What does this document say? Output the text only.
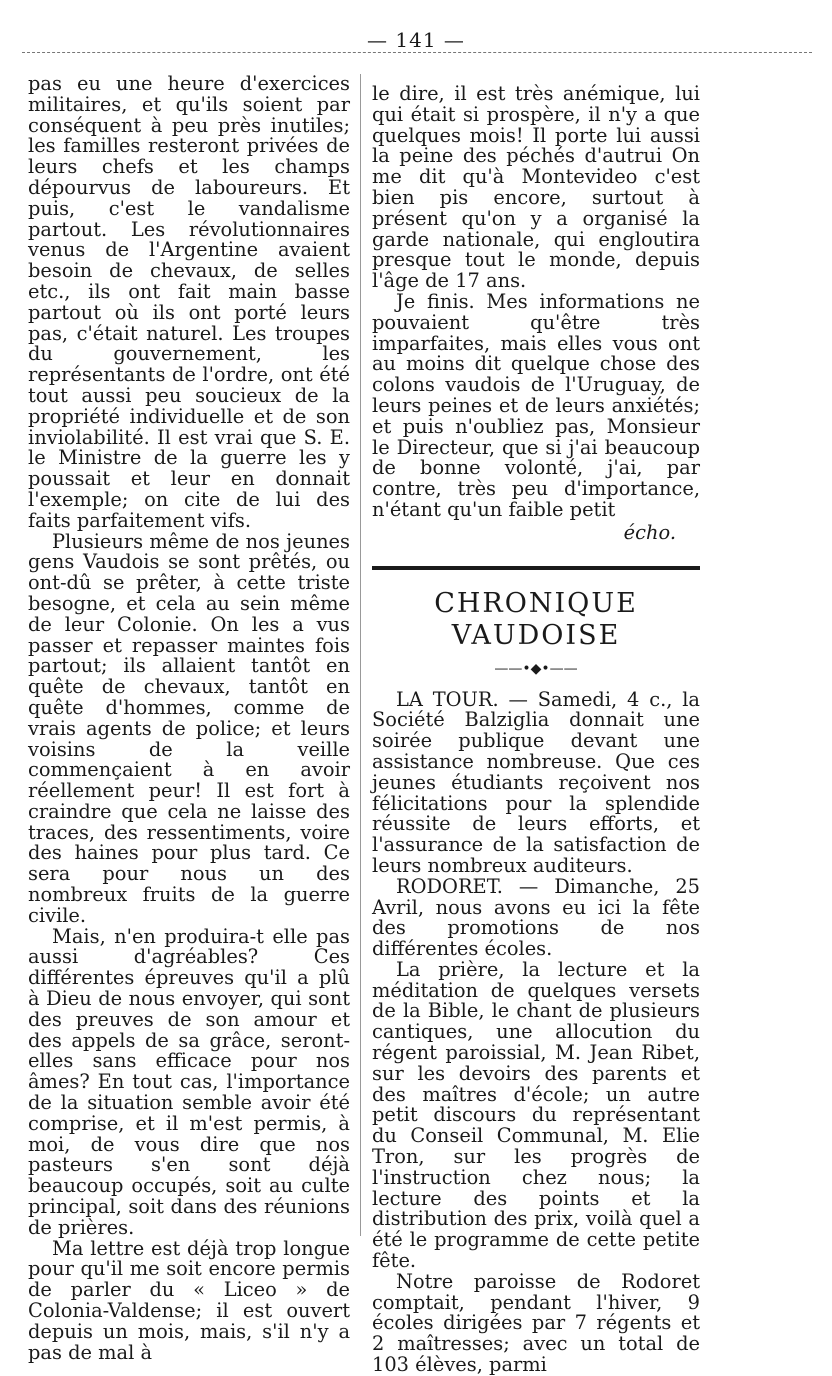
— 141 —

pas eu une heure d'exercices militaires, et qu'ils soient par conséquent à peu près inutiles; les familles resteront privées de leurs chefs et les champs dépourvus de laboureurs. Et puis, c'est le vandalisme partout. Les révolutionnaires venus de l'Argentine avaient besoin de chevaux, de selles etc., ils ont fait main basse partout où ils ont porté leurs pas, c'était naturel. Les troupes du gouvernement, les représentants de l'ordre, ont été tout aussi peu soucieux de la propriété individuelle et de son inviolabilité. Il est vrai que S. E. le Ministre de la guerre les y poussait et leur en donnait l'exemple; on cite de lui des faits parfaitement vifs.

Plusieurs même de nos jeunes gens Vaudois se sont prêtés, ou ont-dû se prêter, à cette triste besogne, et cela au sein même de leur Colonie. On les a vus passer et repasser maintes fois partout; ils allaient tantôt en quête de chevaux, tantôt en quête d'hommes, comme de vrais agents de police; et leurs voisins de la veille commençaient à en avoir réellement peur! Il est fort à craindre que cela ne laisse des traces, des ressentiments, voire des haines pour plus tard. Ce sera pour nous un des nombreux fruits de la guerre civile.

Mais, n'en produira-t elle pas aussi d'agréables? Ces différentes épreuves qu'il a plû à Dieu de nous envoyer, qui sont des preuves de son amour et des appels de sa grâce, seront-elles sans efficace pour nos âmes? En tout cas, l'importance de la situation semble avoir été comprise, et il m'est permis, à moi, de vous dire que nos pasteurs s'en sont déjà beaucoup occupés, soit au culte principal, soit dans des réunions de prières.

Ma lettre est déjà trop longue pour qu'il me soit encore permis de parler du « Liceo » de Colonia-Valdense; il est ouvert depuis un mois, mais, s'il n'y a pas de mal à

le dire, il est très anémique, lui qui était si prospère, il n'y a que quelques mois! Il porte lui aussi la peine des péchés d'autrui On me dit qu'à Montevideo c'est bien pis encore, surtout à présent qu'on y a organisé la garde nationale, qui engloutira presque tout le monde, depuis l'âge de 17 ans.

Je finis. Mes informations ne pouvaient qu'être très imparfaites, mais elles vous ont au moins dit quelque chose des colons vaudois de l'Uruguay, de leurs peines et de leurs anxiétés; et puis n'oubliez pas, Monsieur le Directeur, que si j'ai beaucoup de bonne volonté, j'ai, par contre, très peu d'importance, n'étant qu'un faible petit

écho.
CHRONIQUE VAUDOISE
——•◆•——

LA TOUR. — Samedi, 4 c., la Société Balziglia donnait une soirée publique devant une assistance nombreuse. Que ces jeunes étudiants reçoivent nos félicitations pour la splendide réussite de leurs efforts, et l'assurance de la satisfaction de leurs nombreux auditeurs.

RODORET. — Dimanche, 25 Avril, nous avons eu ici la fête des promotions de nos différentes écoles.

La prière, la lecture et la méditation de quelques versets de la Bible, le chant de plusieurs cantiques, une allocution du régent paroissial, M. Jean Ribet, sur les devoirs des parents et des maîtres d'école; un autre petit discours du représentant du Conseil Communal, M. Elie Tron, sur les progrès de l'instruction chez nous; la lecture des points et la distribution des prix, voilà quel a été le programme de cette petite fête.

Notre paroisse de Rodoret comptait, pendant l'hiver, 9 écoles dirigées par 7 régents et 2 maîtresses; avec un total de 103 élèves, parmi
